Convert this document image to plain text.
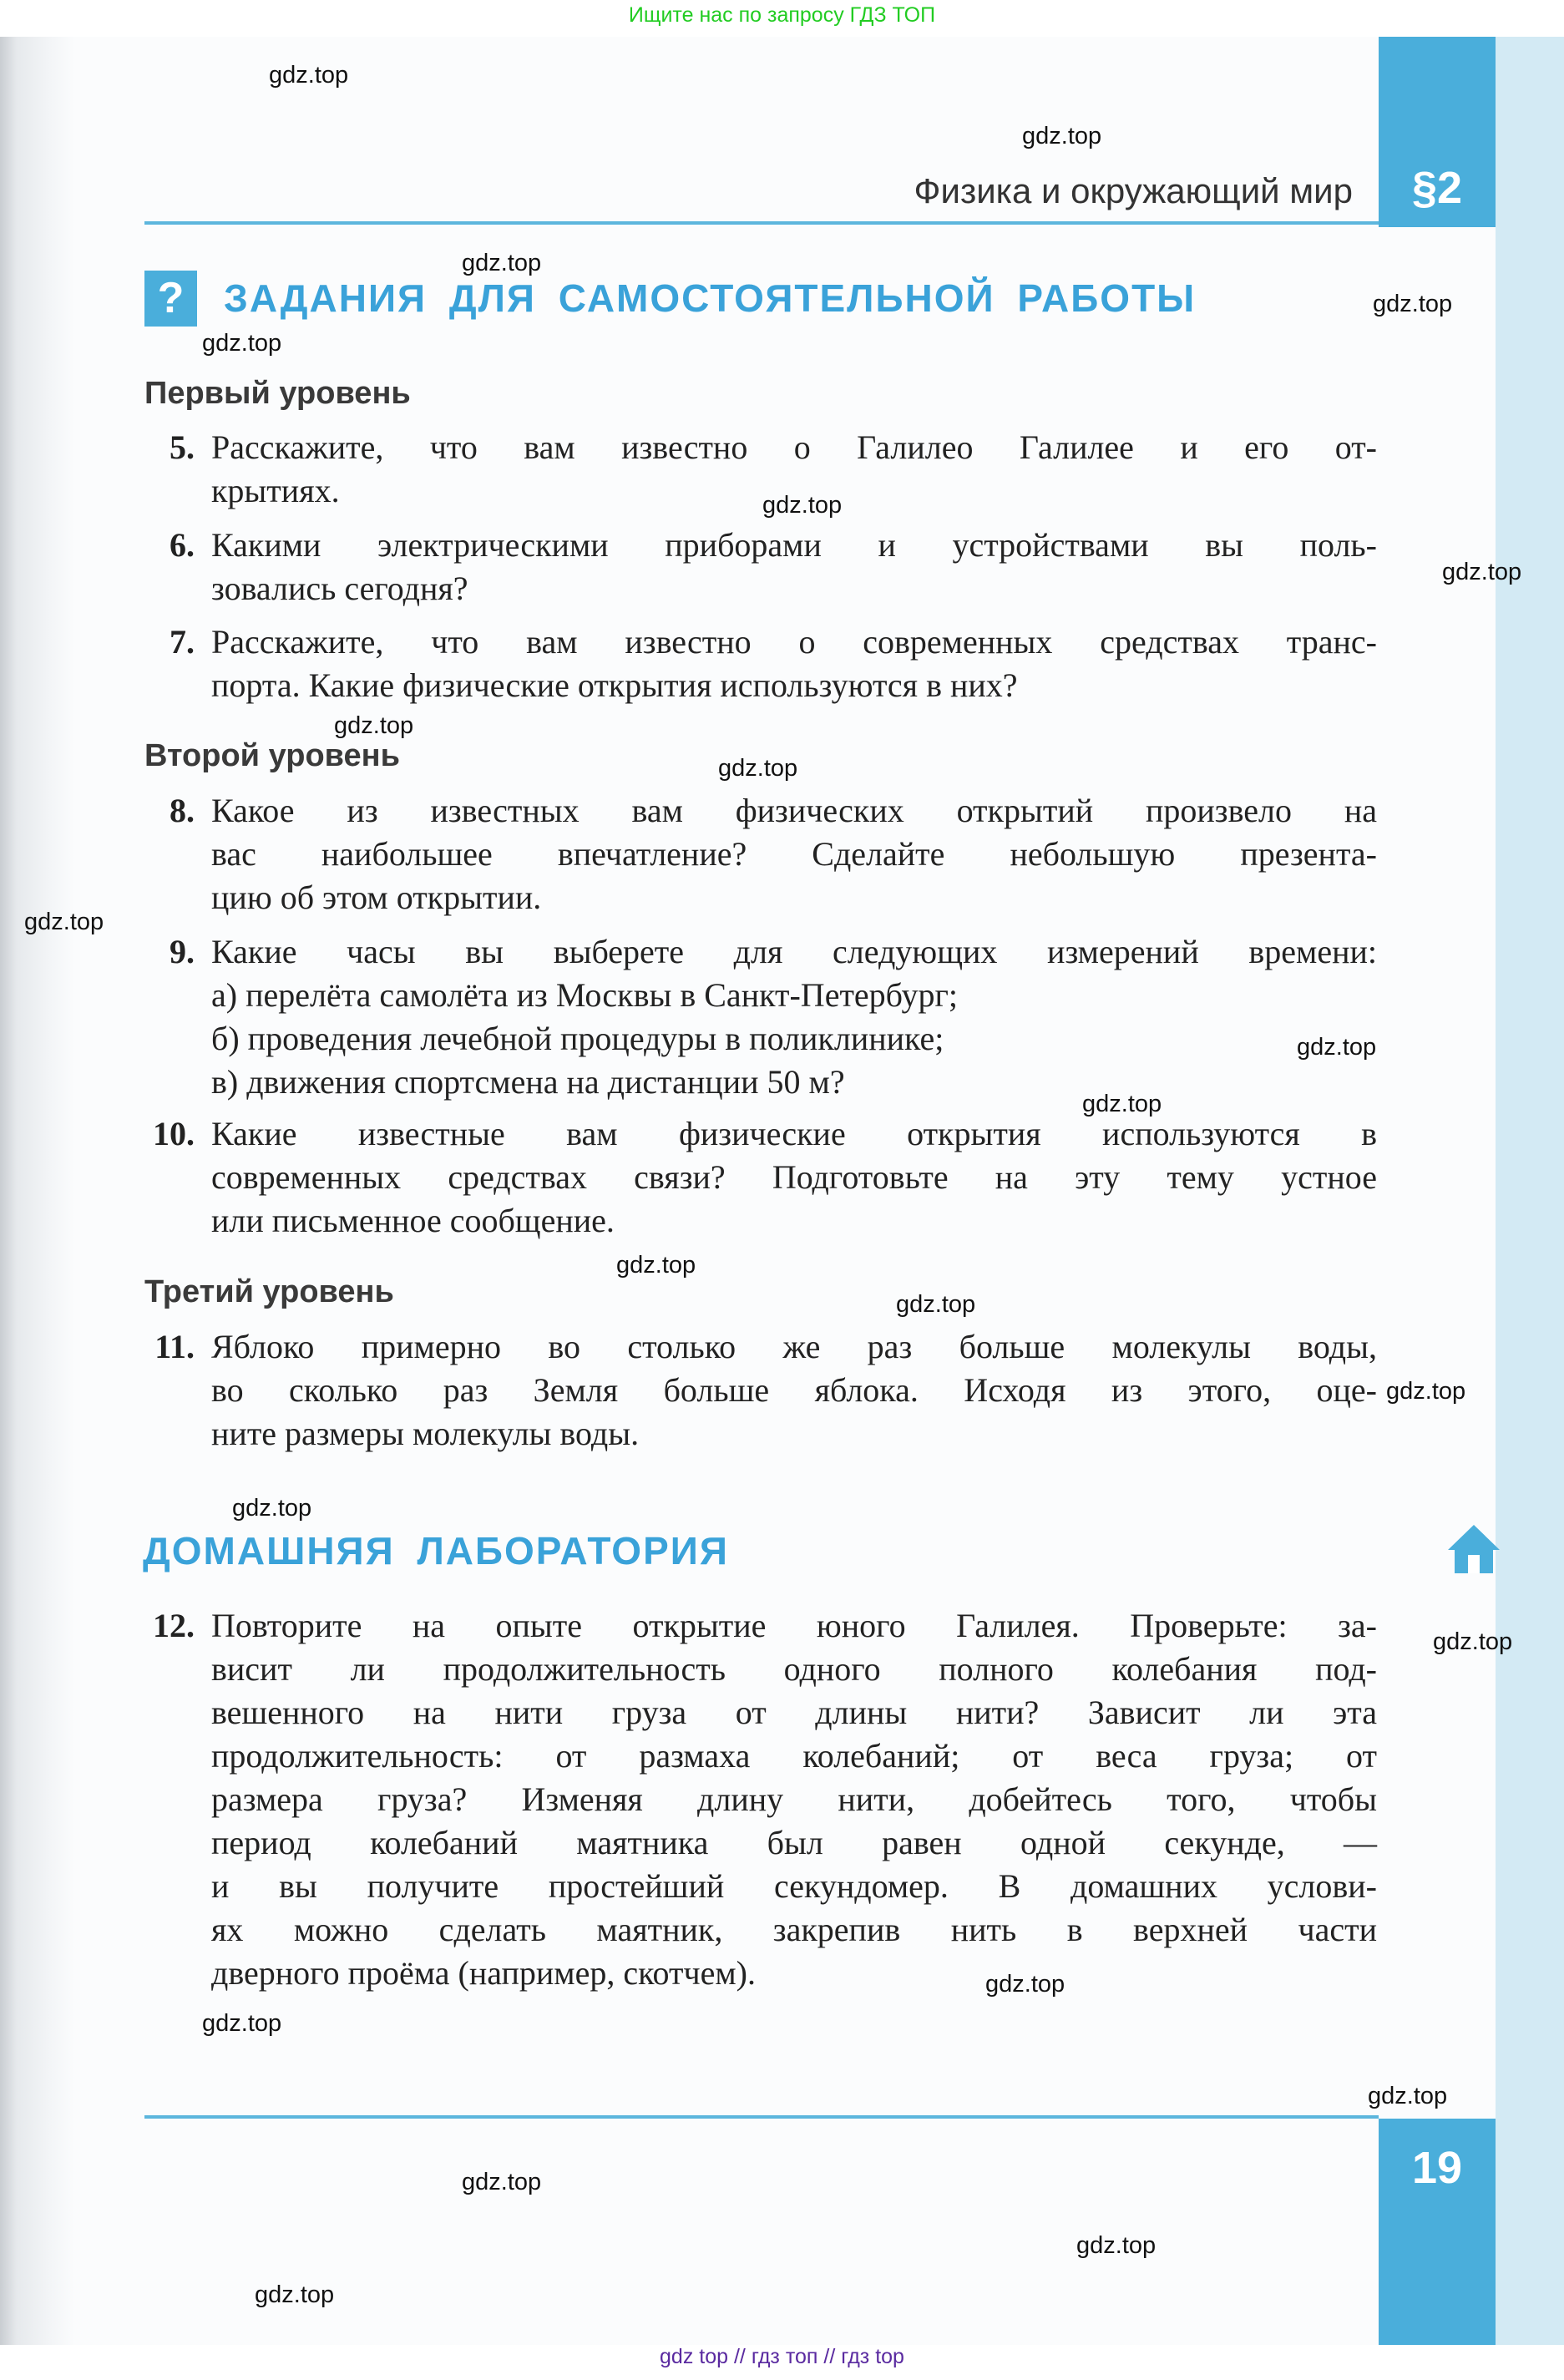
Ищите нас по запросу ГДЗ ТОП
Физика и окружающий мир	§2
?	ЗАДАНИЯ ДЛЯ САМОСТОЯТЕЛЬНОЙ РАБОТЫ
Первый уровень
5. Расскажите, что вам известно о Галилео Галилее и его от-
крытиях.
6. Какими электрическими приборами и устройствами вы поль-
зовались сегодня?
7. Расскажите, что вам известно о современных средствах транс-
порта. Какие физические открытия используются в них?
Второй уровень
8. Какое из известных вам физических открытий произвело на
вас наибольшее впечатление? Сделайте небольшую презента-
цию об этом открытии.
9. Какие часы вы выберете для следующих измерений времени:
а) перелёта самолёта из Москвы в Санкт-Петербург;
б) проведения лечебной процедуры в поликлинике;
в) движения спортсмена на дистанции 50 м?
10. Какие известные вам физические открытия используются в
современных средствах связи? Подготовьте на эту тему устное
или письменное сообщение.
Третий уровень
11. Яблоко примерно во столько же раз больше молекулы воды,
во сколько раз Земля больше яблока. Исходя из этого, оце-
ните размеры молекулы воды.
ДОМАШНЯЯ ЛАБОРАТОРИЯ
12. Повторите на опыте открытие юного Галилея. Проверьте: за-
висит ли продолжительность одного полного колебания под-
вешенного на нити груза от длины нити? Зависит ли эта
продолжительность: от размаха колебаний; от веса груза; от
размера груза? Изменяя длину нити, добейтесь того, чтобы
период колебаний маятника был равен одной секунде, —
и вы получите простейший секундомер. В домашних услови-
ях можно сделать маятник, закрепив нить в верхней части
дверного проёма (например, скотчем).
19
gdz top // гдз топ // гдз top
gdz.top
gdz.top
gdz.top
gdz.top
gdz.top
gdz.top
gdz.top
gdz.top
gdz.top
gdz.top
gdz.top
gdz.top
gdz.top
gdz.top
gdz.top
gdz.top
gdz.top
gdz.top
gdz.top
gdz.top
gdz.top
gdz.top
gdz.top
